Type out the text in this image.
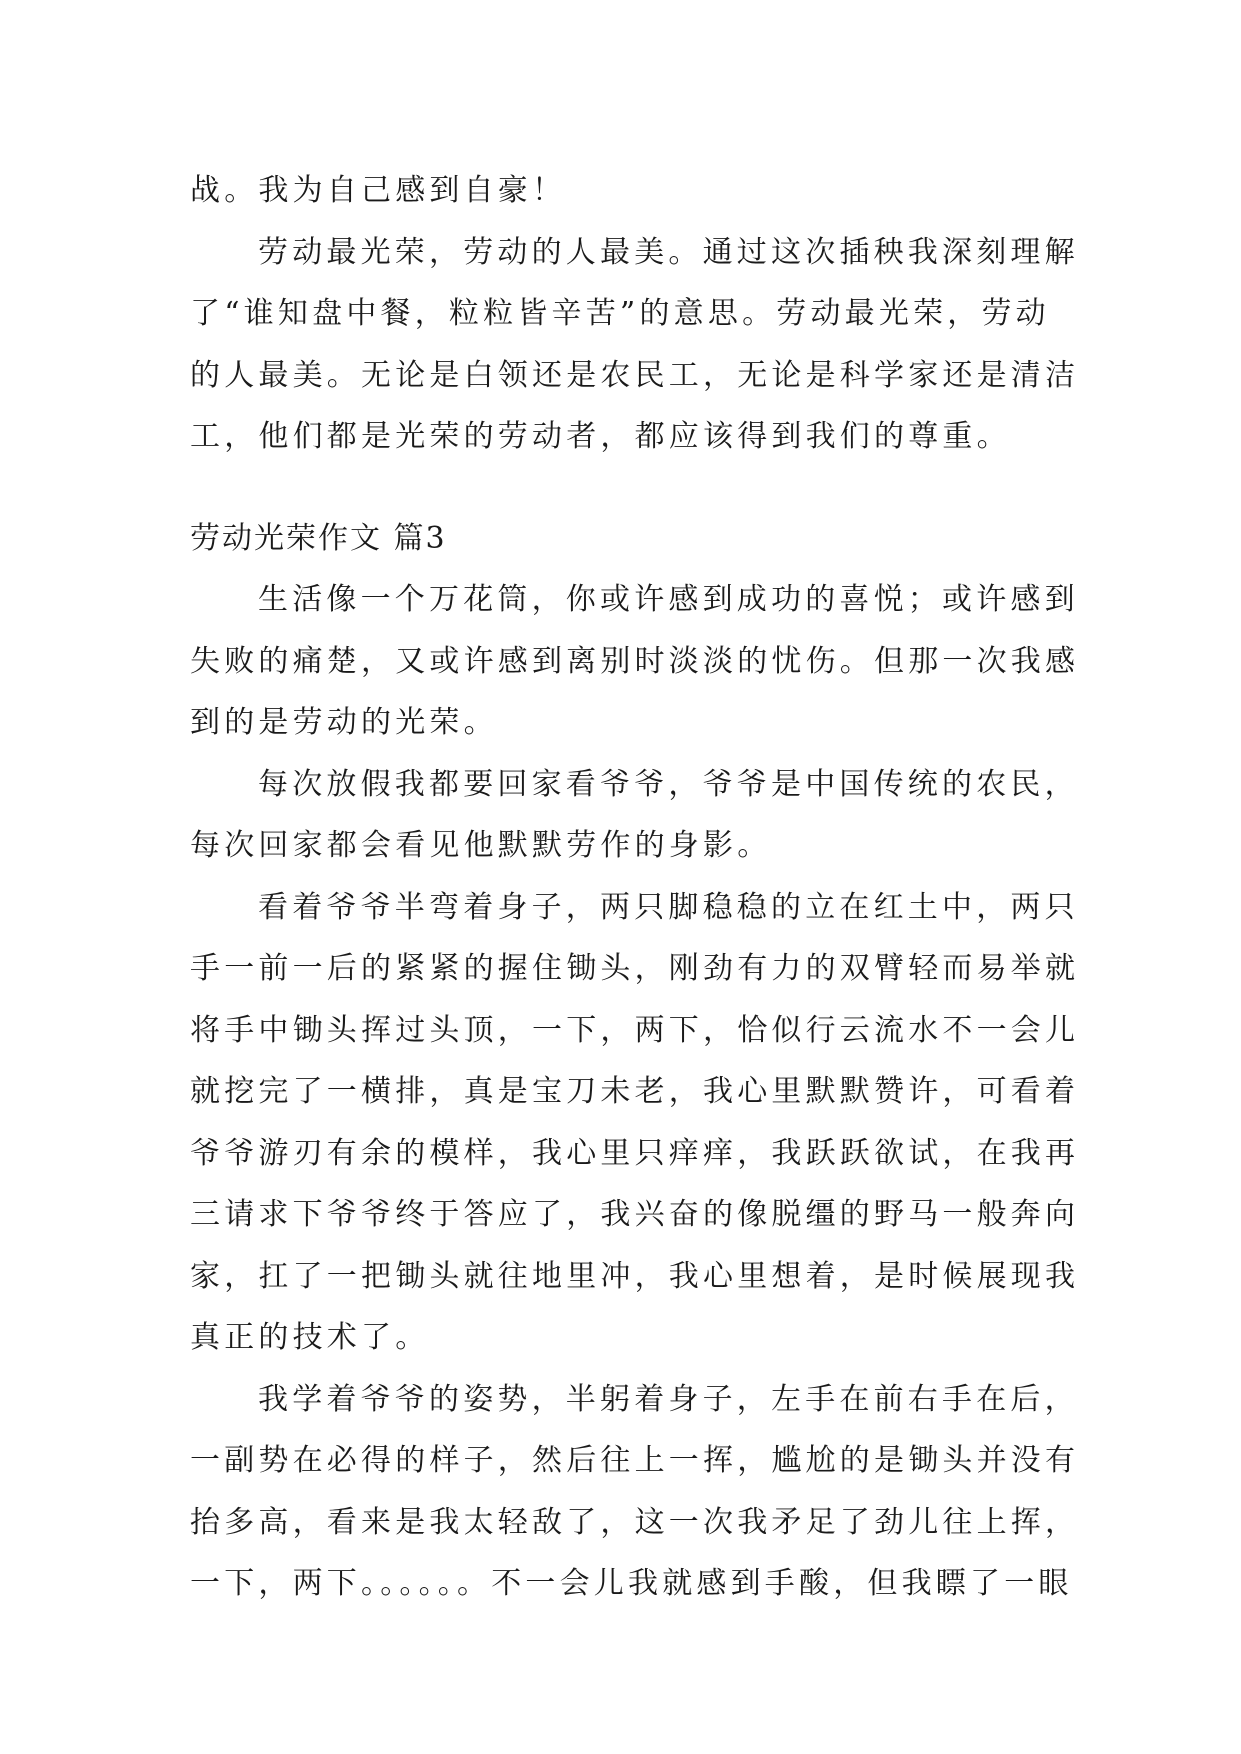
战。我为自己感到自豪！

劳动最光荣，劳动的人最美。通过这次插秧我深刻理解

了“谁知盘中餐，粒粒皆辛苦”的意思。劳动最光荣，劳动

的人最美。无论是白领还是农民工，无论是科学家还是清洁

工，他们都是光荣的劳动者，都应该得到我们的尊重。

劳动光荣作文 篇3

生活像一个万花筒，你或许感到成功的喜悦；或许感到

失败的痛楚，又或许感到离别时淡淡的忧伤。但那一次我感

到的是劳动的光荣。

每次放假我都要回家看爷爷，爷爷是中国传统的农民，

每次回家都会看见他默默劳作的身影。

看着爷爷半弯着身子，两只脚稳稳的立在红土中，两只

手一前一后的紧紧的握住锄头，刚劲有力的双臂轻而易举就

将手中锄头挥过头顶，一下，两下，恰似行云流水不一会儿

就挖完了一横排，真是宝刀未老，我心里默默赞许，可看着

爷爷游刃有余的模样，我心里只痒痒，我跃跃欲试，在我再

三请求下爷爷终于答应了，我兴奋的像脱缰的野马一般奔向

家，扛了一把锄头就往地里冲，我心里想着，是时候展现我

真正的技术了。

我学着爷爷的姿势，半躬着身子，左手在前右手在后，

一副势在必得的样子，然后往上一挥，尴尬的是锄头并没有

抬多高，看来是我太轻敌了，这一次我矛足了劲儿往上挥，

一下，两下。。。。。。不一会儿我就感到手酸，但我瞟了一眼
